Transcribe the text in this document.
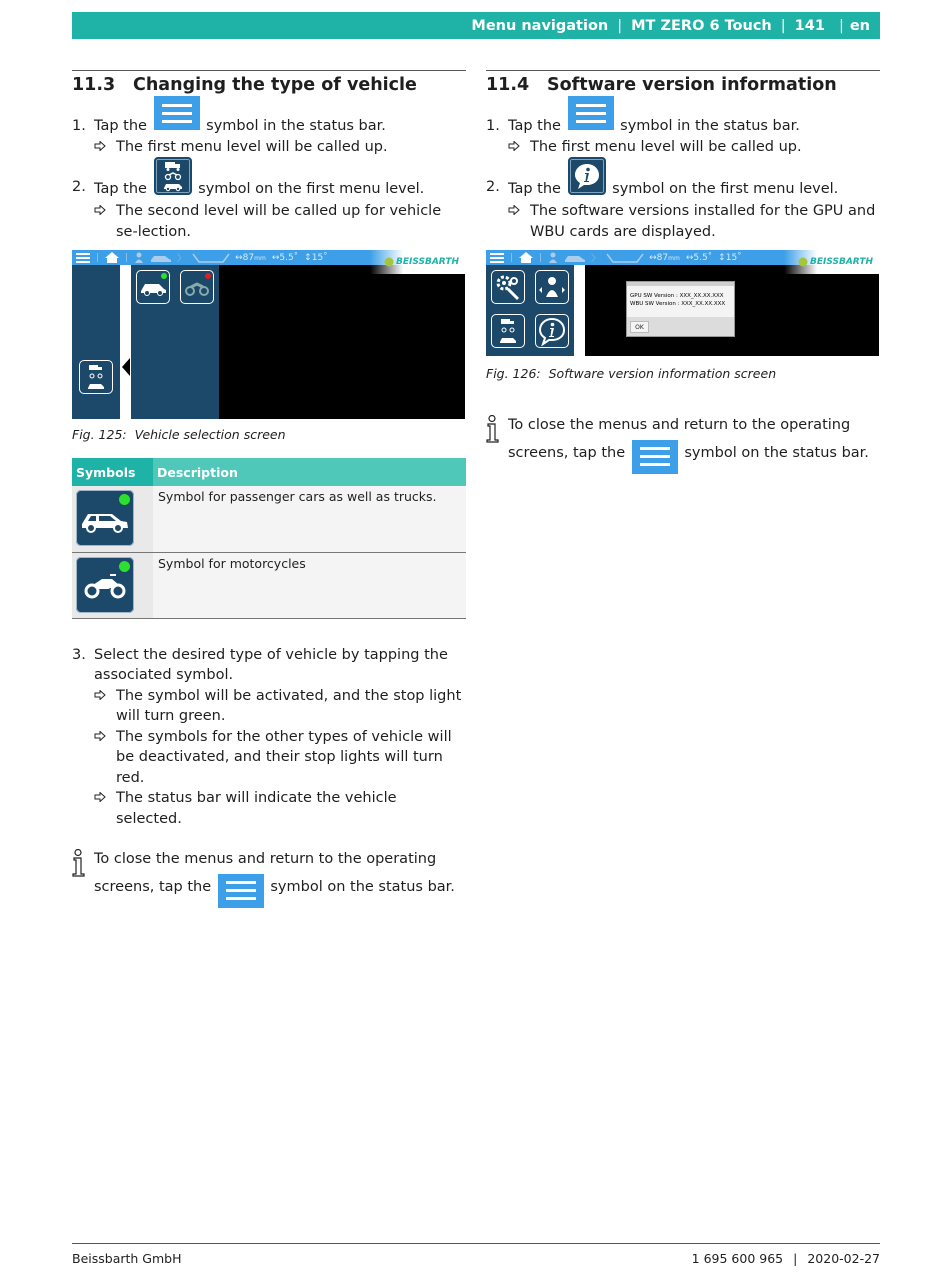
Menu navigation | MT ZERO 6 Touch | 141 | en
11.3	Changing the type of vehicle
1. Tap the	symbol in the status bar.
The first menu level will be called up.
2. Tap the	symbol on the first menu level.
The second level will be called up for vehicle se-lection.
|	|	〉	↔87mm ↔5.5˚ ↕15˚	BEISSBARTH
Fig. 125: Vehicle selection screen
Symbols	Description

	Symbol for passenger cars as well as trucks.

	Symbol for motorcycles
3. Select the desired type of vehicle by tapping the associated symbol.
The symbol will be activated, and the stop light will turn green.
The symbols for the other types of vehicle will be deactivated, and their stop lights will turn red.
The status bar will indicate the vehicle selected.
To close the menus and return to the operating screens, tap the	symbol on the status bar.
11.4	Software version information
1. Tap the	symbol in the status bar.
The first menu level will be called up.
2. Tap the	symbol on the first menu level.
The software versions installed for the GPU and WBU cards are displayed.
|	|	〉	↔87mm ↔5.5˚ ↕15˚	BEISSBARTH
GPU SW Version : XXX_XX.XX.XXX
WBU SW Version : XXX_XX.XX.XXX
OK
Fig. 126: Software version information screen
To close the menus and return to the operating screens, tap the	symbol on the status bar.
Beissbarth GmbH	1 695 600 965 | 2020-02-27
